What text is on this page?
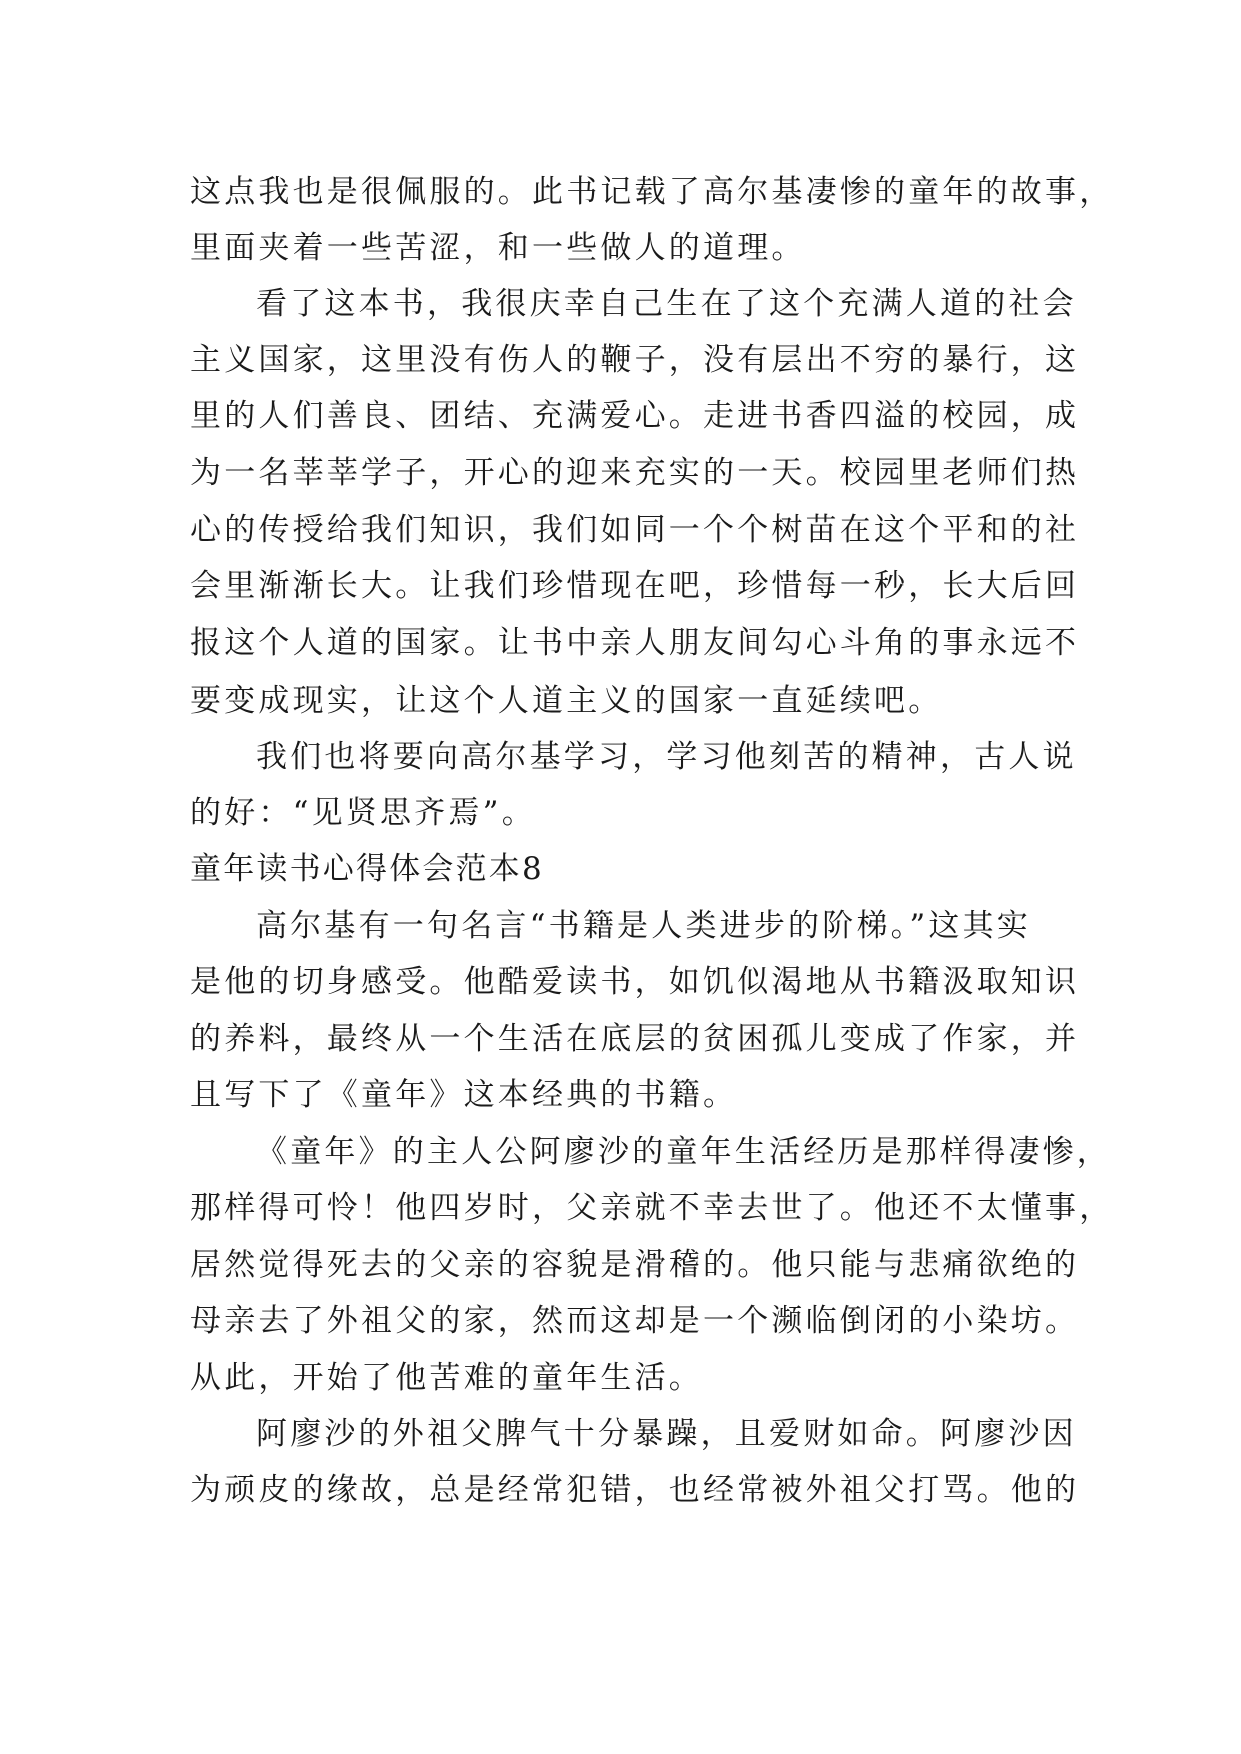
这点我也是很佩服的。此书记载了高尔基凄惨的童年的故事，
里面夹着一些苦涩，和一些做人的道理。
看了这本书，我很庆幸自己生在了这个充满人道的社会
主义国家，这里没有伤人的鞭子，没有层出不穷的暴行，这
里的人们善良、团结、充满爱心。走进书香四溢的校园，成
为一名莘莘学子，开心的迎来充实的一天。校园里老师们热
心的传授给我们知识，我们如同一个个树苗在这个平和的社
会里渐渐长大。让我们珍惜现在吧，珍惜每一秒，长大后回
报这个人道的国家。让书中亲人朋友间勾心斗角的事永远不
要变成现实，让这个人道主义的国家一直延续吧。
我们也将要向高尔基学习，学习他刻苦的精神，古人说
的好：“见贤思齐焉”。
童年读书心得体会范本8
高尔基有一句名言“书籍是人类进步的阶梯。”这其实
是他的切身感受。他酷爱读书，如饥似渴地从书籍汲取知识
的养料，最终从一个生活在底层的贫困孤儿变成了作家，并
且写下了《童年》这本经典的书籍。
《童年》的主人公阿廖沙的童年生活经历是那样得凄惨，
那样得可怜！他四岁时，父亲就不幸去世了。他还不太懂事，
居然觉得死去的父亲的容貌是滑稽的。他只能与悲痛欲绝的
母亲去了外祖父的家，然而这却是一个濒临倒闭的小染坊。
从此，开始了他苦难的童年生活。
阿廖沙的外祖父脾气十分暴躁，且爱财如命。阿廖沙因
为顽皮的缘故，总是经常犯错，也经常被外祖父打骂。他的
